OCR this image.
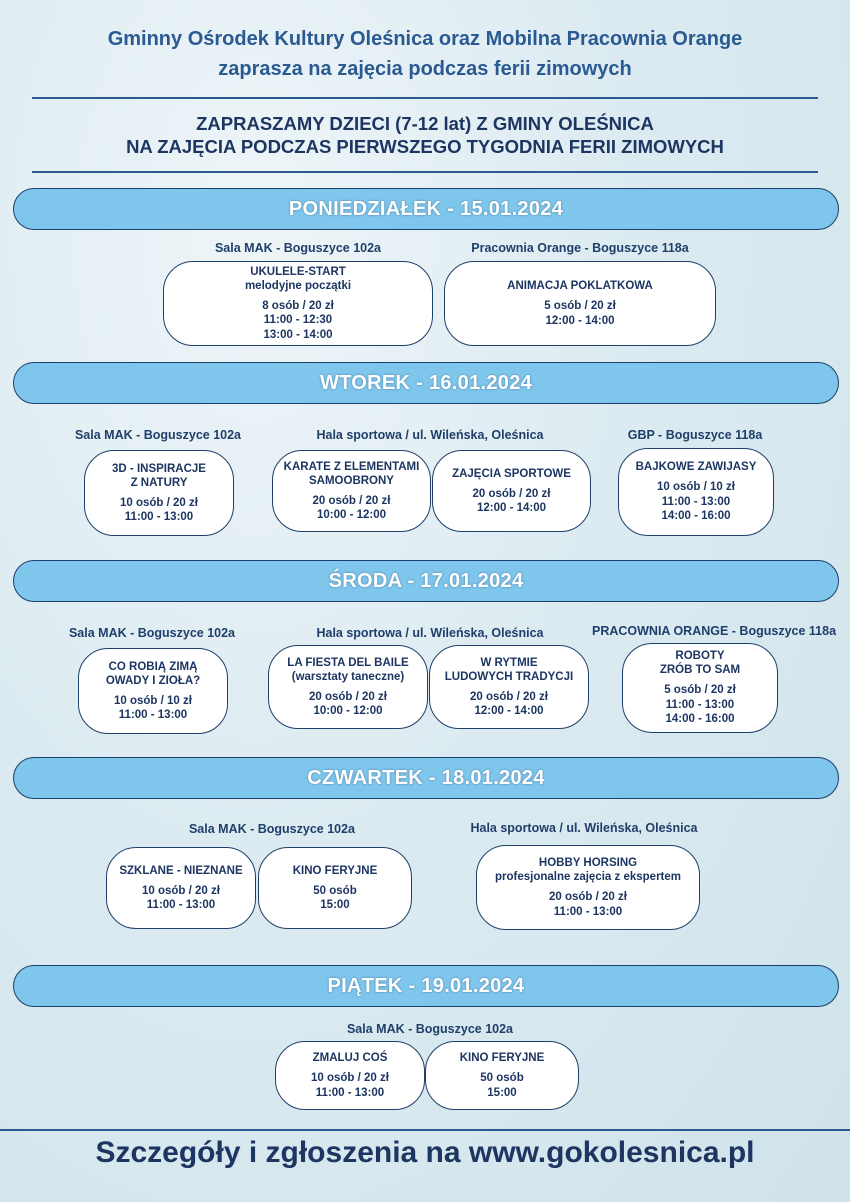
Gminny Ośrodek Kultury Oleśnica oraz Mobilna Pracownia Orange
zaprasza na zajęcia podczas ferii zimowych
ZAPRASZAMY DZIECI (7-12 lat) Z GMINY OLEŚNICA
NA ZAJĘCIA PODCZAS PIERWSZEGO TYGODNIA FERII ZIMOWYCH
PONIEDZIAŁEK - 15.01.2024
Sala MAK - Boguszyce 102a	Pracownia Orange - Boguszyce 118a
UKULELE-START
melodyjne początki
8 osób / 20 zł
11:00 - 12:30
13:00 - 14:00
ANIMACJA POKLATKOWA
5 osób / 20 zł
12:00 - 14:00
WTOREK - 16.01.2024
Sala MAK - Boguszyce 102a	Hala sportowa / ul. Wileńska, Oleśnica	GBP - Boguszyce 118a
3D - INSPIRACJE
Z NATURY
10 osób / 20 zł
11:00 - 13:00
KARATE Z ELEMENTAMI
SAMOOBRONY
20 osób / 20 zł
10:00 - 12:00
ZAJĘCIA SPORTOWE
20 osób / 20 zł
12:00 - 14:00
BAJKOWE ZAWIJASY
10 osób / 10 zł
11:00 - 13:00
14:00 - 16:00
ŚRODA - 17.01.2024
Sala MAK - Boguszyce 102a	Hala sportowa / ul. Wileńska, Oleśnica	PRACOWNIA ORANGE - Boguszyce 118a
CO ROBIĄ ZIMĄ
OWADY I ZIOŁA?
10 osób / 10 zł
11:00 - 13:00
LA FIESTA DEL BAILE
(warsztaty taneczne)
20 osób / 20 zł
10:00 - 12:00
W RYTMIE
LUDOWYCH TRADYCJI
20 osób / 20 zł
12:00 - 14:00
ROBOTY
ZRÓB TO SAM
5 osób / 20 zł
11:00 - 13:00
14:00 - 16:00
CZWARTEK - 18.01.2024
Sala MAK - Boguszyce 102a	Hala sportowa / ul. Wileńska, Oleśnica
SZKLANE - NIEZNANE
10 osób / 20 zł
11:00 - 13:00
KINO FERYJNE
50 osób
15:00
HOBBY HORSING
profesjonalne zajęcia z ekspertem
20 osób / 20 zł
11:00 - 13:00
PIĄTEK - 19.01.2024
Sala MAK - Boguszyce 102a
ZMALUJ COŚ
10 osób / 20 zł
11:00 - 13:00
KINO FERYJNE
50 osób
15:00
Szczegóły i zgłoszenia na www.gokolesnica.pl
